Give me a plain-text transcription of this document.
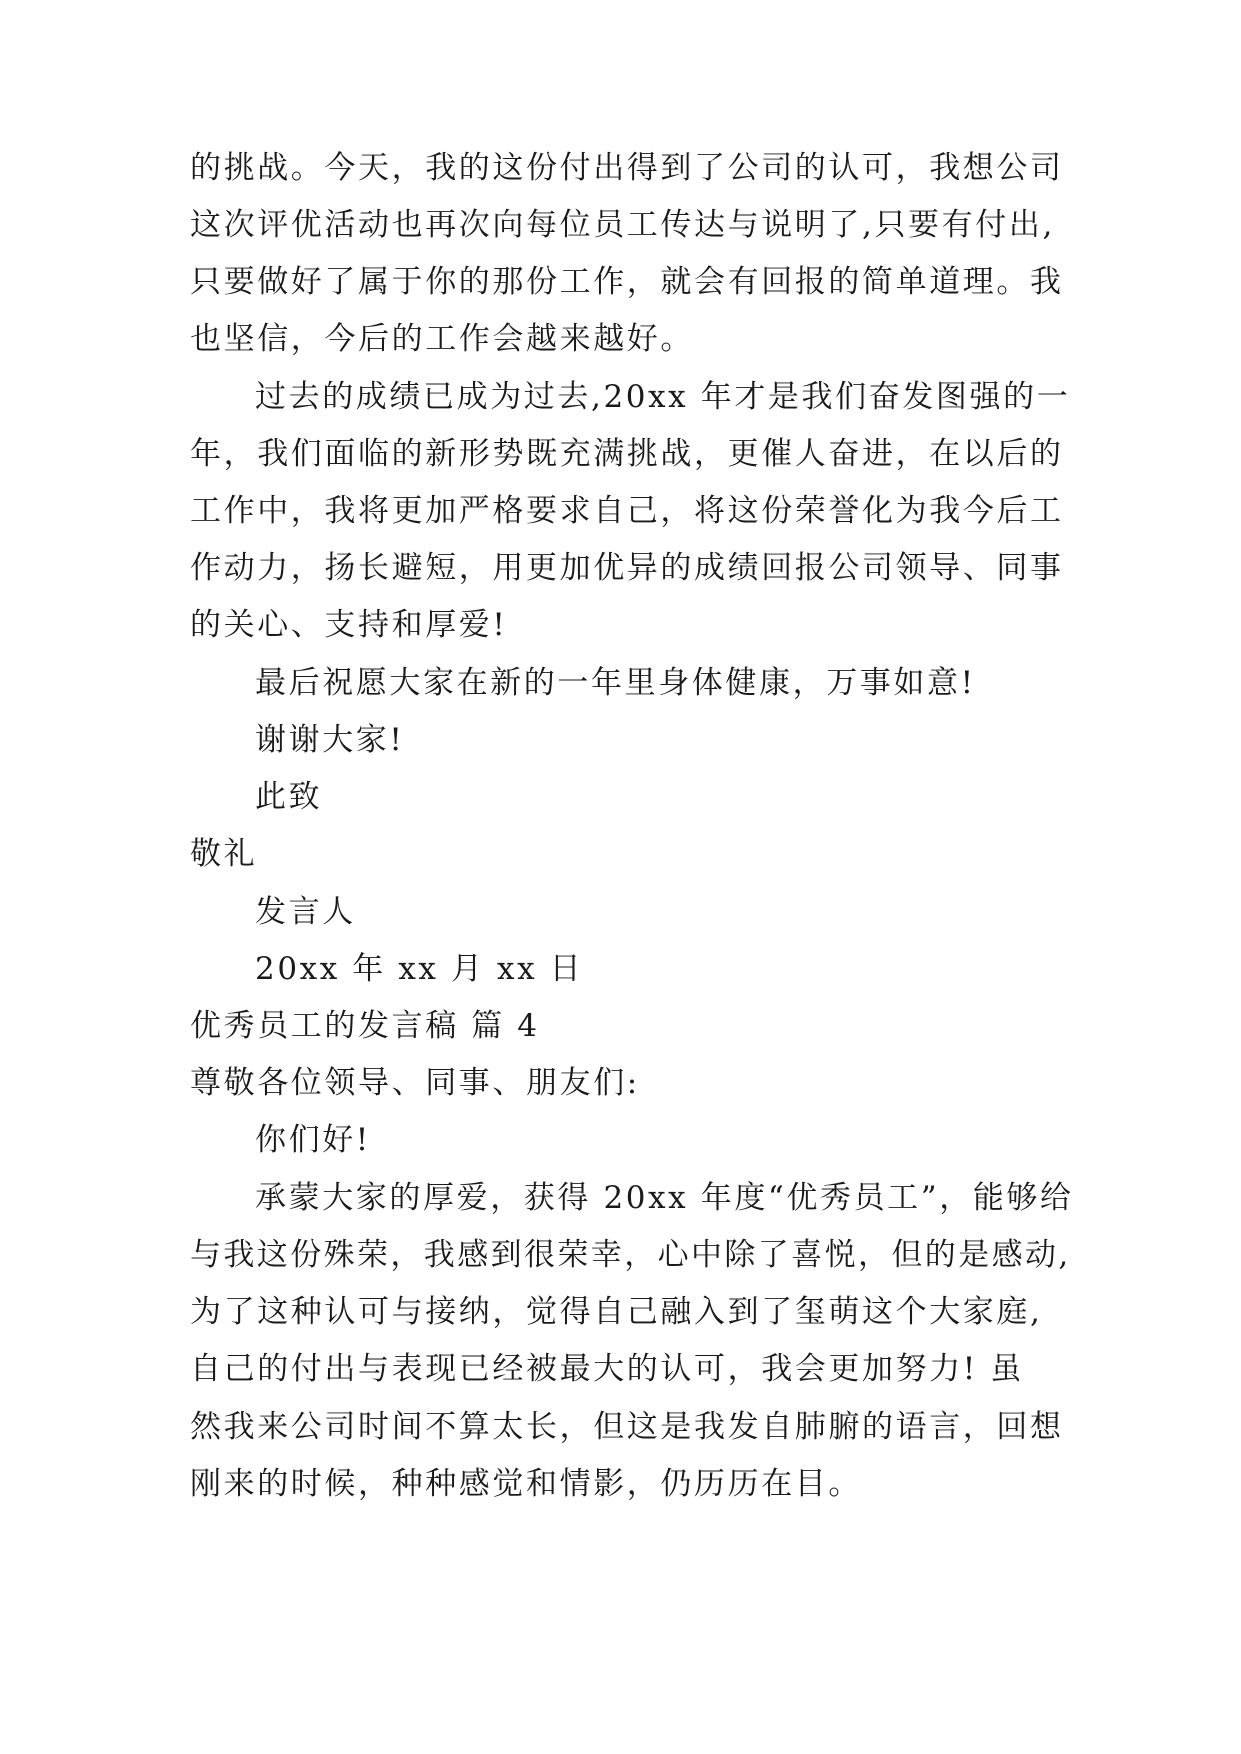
的挑战。今天，我的这份付出得到了公司的认可，我想公司
这次评优活动也再次向每位员工传达与说明了,只要有付出,
只要做好了属于你的那份工作，就会有回报的简单道理。我
也坚信，今后的工作会越来越好。
过去的成绩已成为过去,20xx 年才是我们奋发图强的一
年，我们面临的新形势既充满挑战，更催人奋进，在以后的
工作中，我将更加严格要求自己，将这份荣誉化为我今后工
作动力，扬长避短，用更加优异的成绩回报公司领导、同事
的关心、支持和厚爱!
最后祝愿大家在新的一年里身体健康，万事如意!
谢谢大家!
此致
敬礼
发言人
20xx 年 xx 月 xx 日
优秀员工的发言稿 篇 4
尊敬各位领导、同事、朋友们:
你们好!
承蒙大家的厚爱，获得 20xx 年度“优秀员工”，能够给
与我这份殊荣，我感到很荣幸，心中除了喜悦，但的是感动,
为了这种认可与接纳，觉得自己融入到了玺萌这个大家庭,
自己的付出与表现已经被最大的认可，我会更加努力! 虽
然我来公司时间不算太长，但这是我发自肺腑的语言，回想
刚来的时候，种种感觉和情影，仍历历在目。
